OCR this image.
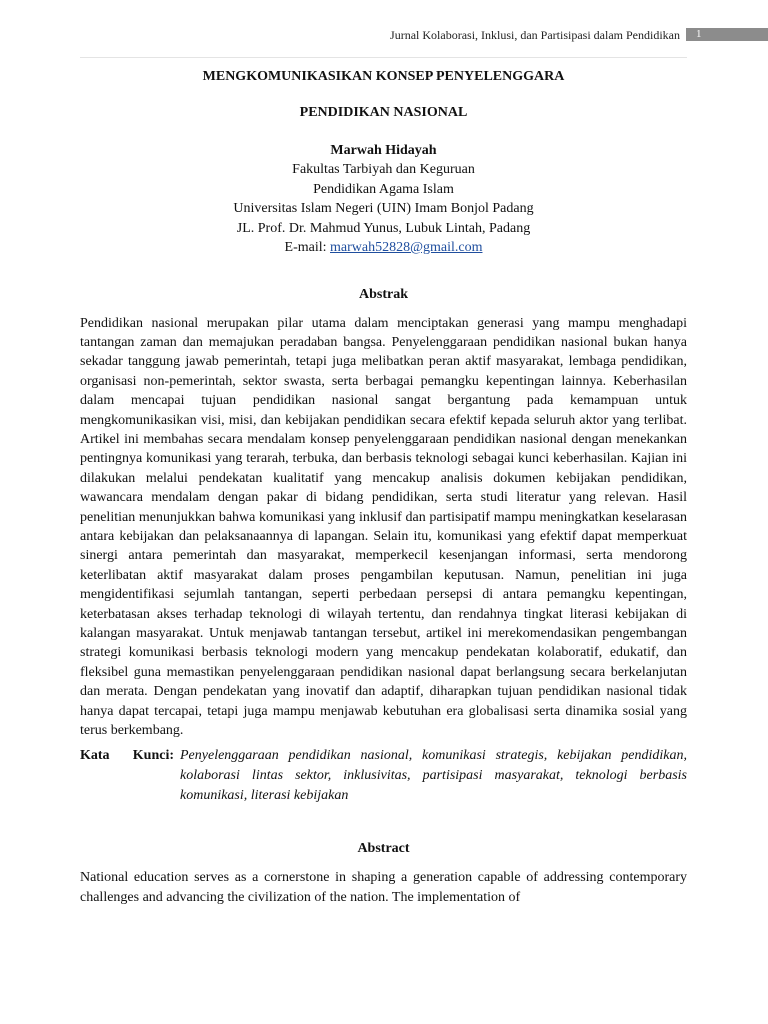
Jurnal Kolaborasi, Inklusi, dan Partisipasi dalam Pendidikan	1

MENGKOMUNIKASIKAN KONSEP PENYELENGGARA

PENDIDIKAN NASIONAL

Marwah Hidayah

Fakultas Tarbiyah dan Keguruan

Pendidikan Agama Islam

Universitas Islam Negeri (UIN) Imam Bonjol Padang

JL. Prof. Dr. Mahmud Yunus, Lubuk Lintah, Padang

E-mail: marwah52828@gmail.com

Abstrak

Pendidikan nasional merupakan pilar utama dalam menciptakan generasi yang mampu menghadapi tantangan zaman dan memajukan peradaban bangsa. Penyelenggaraan pendidikan nasional bukan hanya sekadar tanggung jawab pemerintah, tetapi juga melibatkan peran aktif masyarakat, lembaga pendidikan, organisasi non-pemerintah, sektor swasta, serta berbagai pemangku kepentingan lainnya. Keberhasilan dalam mencapai tujuan pendidikan nasional sangat bergantung pada kemampuan untuk mengkomunikasikan visi, misi, dan kebijakan pendidikan secara efektif kepada seluruh aktor yang terlibat. Artikel ini membahas secara mendalam konsep penyelenggaraan pendidikan nasional dengan menekankan pentingnya komunikasi yang terarah, terbuka, dan berbasis teknologi sebagai kunci keberhasilan. Kajian ini dilakukan melalui pendekatan kualitatif yang mencakup analisis dokumen kebijakan pendidikan, wawancara mendalam dengan pakar di bidang pendidikan, serta studi literatur yang relevan. Hasil penelitian menunjukkan bahwa komunikasi yang inklusif dan partisipatif mampu meningkatkan keselarasan antara kebijakan dan pelaksanaannya di lapangan. Selain itu, komunikasi yang efektif dapat memperkuat sinergi antara pemerintah dan masyarakat, memperkecil kesenjangan informasi, serta mendorong keterlibatan aktif masyarakat dalam proses pengambilan keputusan. Namun, penelitian ini juga mengidentifikasi sejumlah tantangan, seperti perbedaan persepsi di antara pemangku kepentingan, keterbatasan akses terhadap teknologi di wilayah tertentu, dan rendahnya tingkat literasi kebijakan di kalangan masyarakat. Untuk menjawab tantangan tersebut, artikel ini merekomendasikan pengembangan strategi komunikasi berbasis teknologi modern yang mencakup pendekatan kolaboratif, edukatif, dan fleksibel guna memastikan penyelenggaraan pendidikan nasional dapat berlangsung secara berkelanjutan dan merata. Dengan pendekatan yang inovatif dan adaptif, diharapkan tujuan pendidikan nasional tidak hanya dapat tercapai, tetapi juga mampu menjawab kebutuhan era globalisasi serta dinamika sosial yang terus berkembang.

Kata Kunci: Penyelenggaraan pendidikan nasional, komunikasi strategis, kebijakan pendidikan, kolaborasi lintas sektor, inklusivitas, partisipasi masyarakat, teknologi berbasis komunikasi, literasi kebijakan

Abstract

National education serves as a cornerstone in shaping a generation capable of addressing contemporary challenges and advancing the civilization of the nation. The implementation of
